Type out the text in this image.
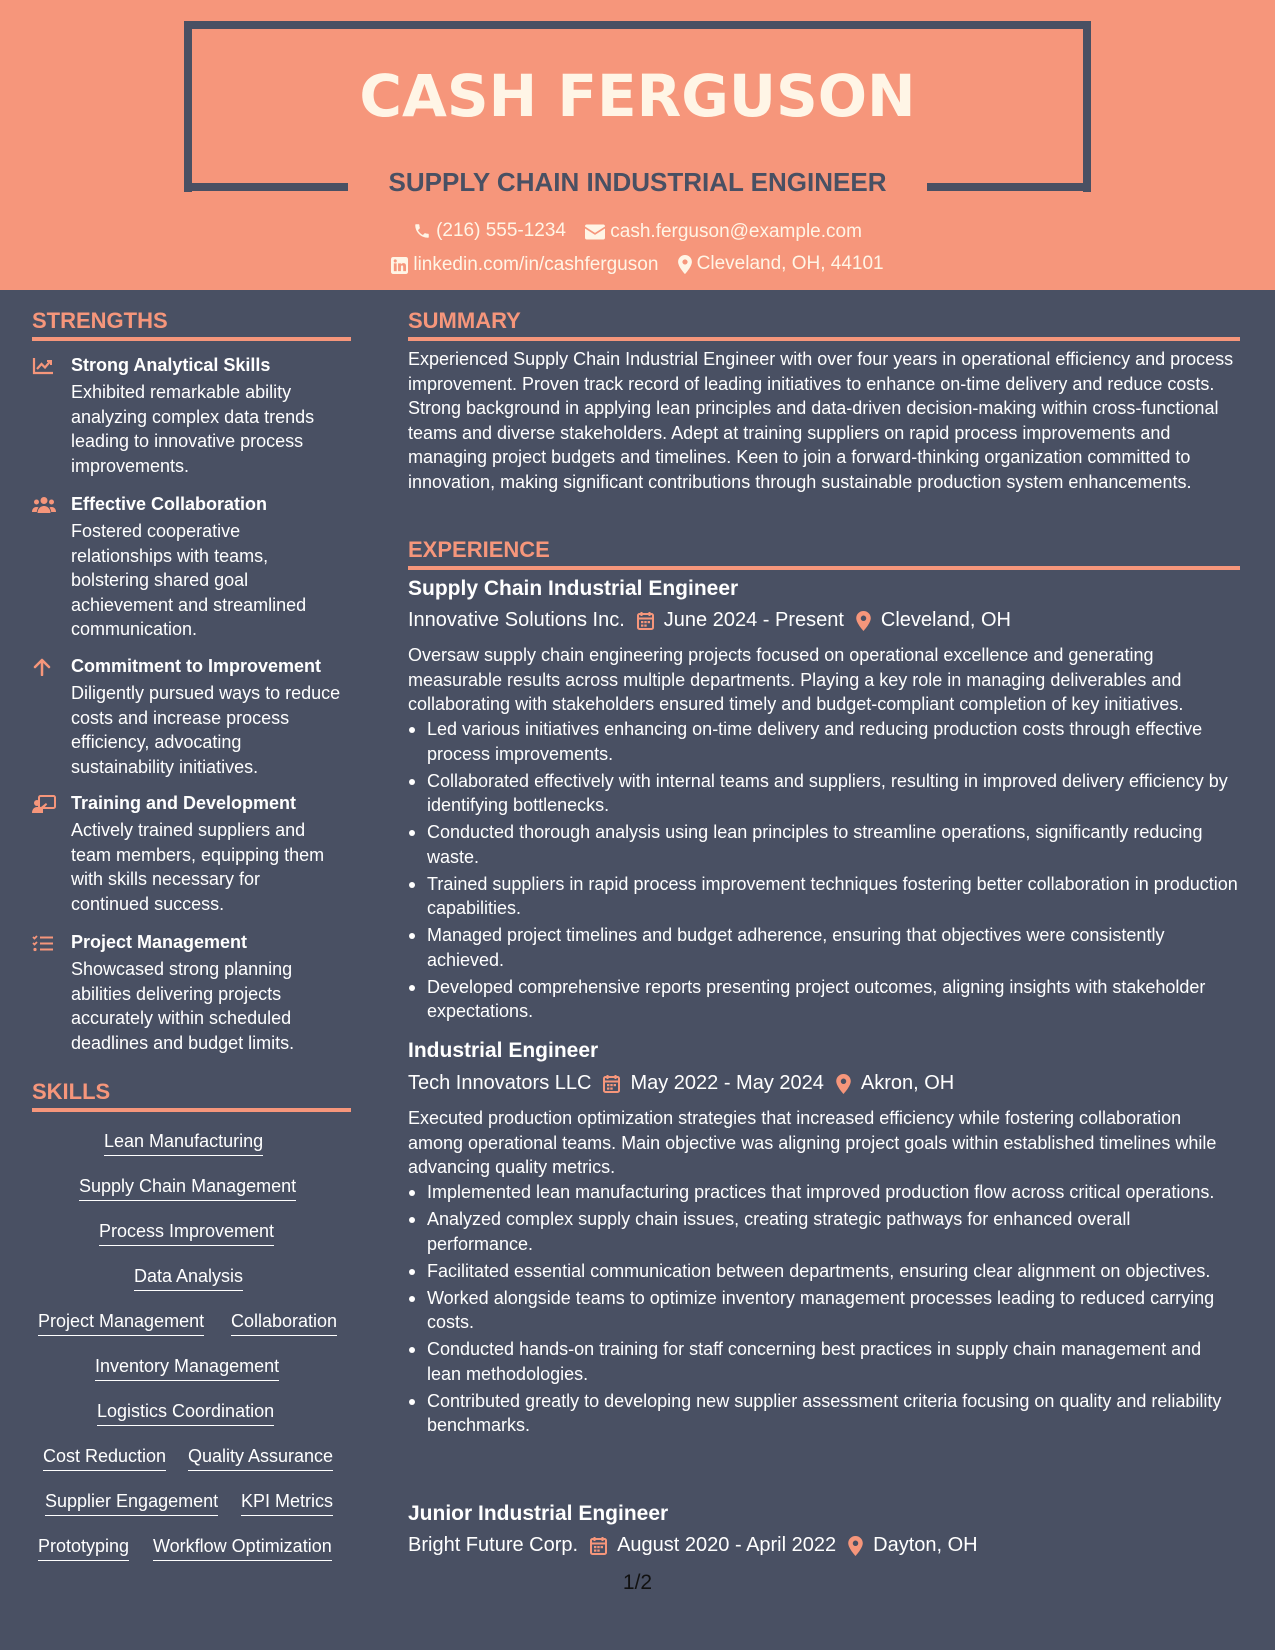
CASH FERGUSON
SUPPLY CHAIN INDUSTRIAL ENGINEER
(216) 555-1234
cash.ferguson@example.com
linkedin.com/in/cashferguson
Cleveland, OH, 44101
STRENGTHS
Strong Analytical Skills
Exhibited remarkable ability analyzing complex data trends leading to innovative process improvements.
Effective Collaboration
Fostered cooperative relationships with teams, bolstering shared goal achievement and streamlined communication.
Commitment to Improvement
Diligently pursued ways to reduce costs and increase process efficiency, advocating sustainability initiatives.
Training and Development
Actively trained suppliers and team members, equipping them with skills necessary for continued success.
Project Management
Showcased strong planning abilities delivering projects accurately within scheduled deadlines and budget limits.
SKILLS
Lean Manufacturing
Supply Chain Management
Process Improvement
Data Analysis
Project Management Collaboration
Inventory Management
Logistics Coordination
Cost Reduction Quality Assurance
Supplier Engagement KPI Metrics
Prototyping Workflow Optimization
SUMMARY
Experienced Supply Chain Industrial Engineer with over four years in operational efficiency and process improvement. Proven track record of leading initiatives to enhance on-time delivery and reduce costs. Strong background in applying lean principles and data-driven decision-making within cross-functional teams and diverse stakeholders. Adept at training suppliers on rapid process improvements and managing project budgets and timelines. Keen to join a forward-thinking organization committed to innovation, making significant contributions through sustainable production system enhancements.
EXPERIENCE
Supply Chain Industrial Engineer
Innovative Solutions Inc. June 2024 - Present Cleveland, OH
Oversaw supply chain engineering projects focused on operational excellence and generating measurable results across multiple departments. Playing a key role in managing deliverables and collaborating with stakeholders ensured timely and budget-compliant completion of key initiatives.
Led various initiatives enhancing on-time delivery and reducing production costs through effective process improvements.
Collaborated effectively with internal teams and suppliers, resulting in improved delivery efficiency by identifying bottlenecks.
Conducted thorough analysis using lean principles to streamline operations, significantly reducing waste.
Trained suppliers in rapid process improvement techniques fostering better collaboration in production capabilities.
Managed project timelines and budget adherence, ensuring that objectives were consistently achieved.
Developed comprehensive reports presenting project outcomes, aligning insights with stakeholder expectations.
Industrial Engineer
Tech Innovators LLC May 2022 - May 2024 Akron, OH
Executed production optimization strategies that increased efficiency while fostering collaboration among operational teams. Main objective was aligning project goals within established timelines while advancing quality metrics.
Implemented lean manufacturing practices that improved production flow across critical operations.
Analyzed complex supply chain issues, creating strategic pathways for enhanced overall performance.
Facilitated essential communication between departments, ensuring clear alignment on objectives.
Worked alongside teams to optimize inventory management processes leading to reduced carrying costs.
Conducted hands-on training for staff concerning best practices in supply chain management and lean methodologies.
Contributed greatly to developing new supplier assessment criteria focusing on quality and reliability benchmarks.
Junior Industrial Engineer
Bright Future Corp. August 2020 - April 2022 Dayton, OH
1/2
